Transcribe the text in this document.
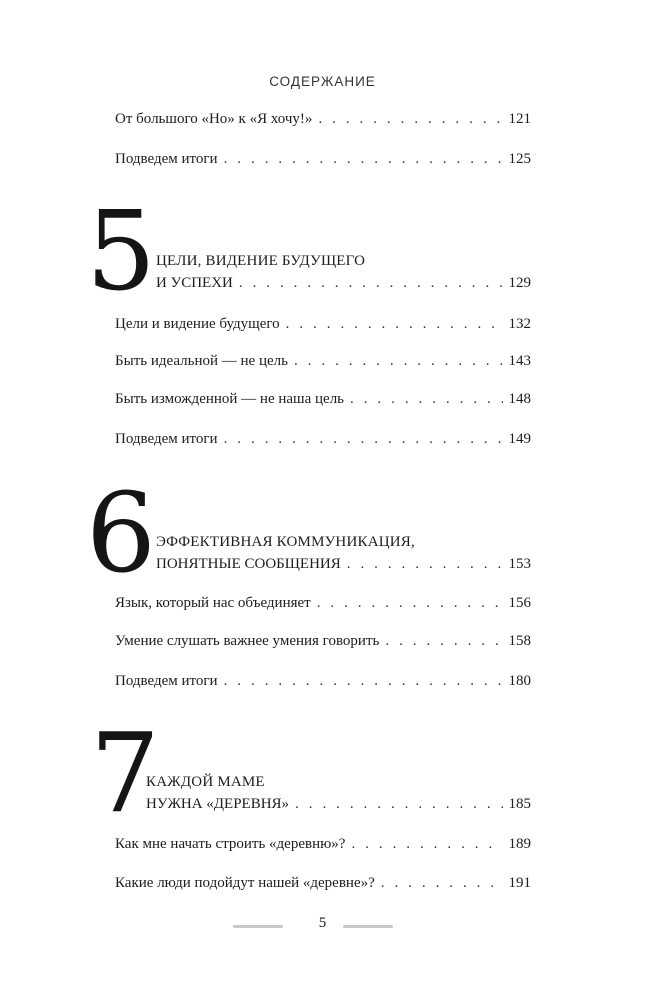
СОДЕРЖАНИЕ
От большого «Но» к «Я хочу!» . . .	121
Подведем итоги . . .	125
5 ЦЕЛИ, ВИДЕНИЕ БУДУЩЕГО
И УСПЕХИ . . .	129
Цели и видение будущего . . .	132
Быть идеальной — не цель . . .	143
Быть изможденной — не наша цель . . .	148
Подведем итоги . . .	149
6 ЭФФЕКТИВНАЯ КОММУНИКАЦИЯ,
ПОНЯТНЫЕ СООБЩЕНИЯ . . .	153
Язык, который нас объединяет . . .	156
Умение слушать важнее умения говорить . . .	158
Подведем итоги . . .	180
7
КАЖДОЙ МАМЕ
НУЖНА «ДЕРЕВНЯ» . . .	185
Как мне начать строить «деревню»? . . .	189
Какие люди подойдут нашей «деревне»? . . .	191
5
